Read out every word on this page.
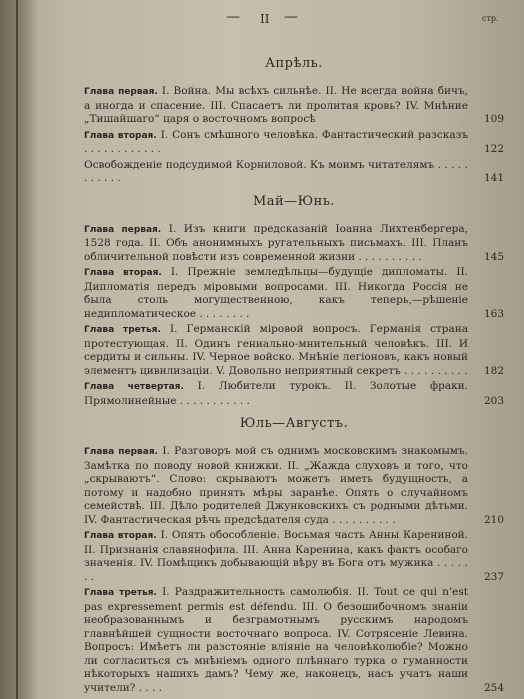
— II —	стр.
Апрѣль.
Глава первая. I. Война. Мы всѣхъ сильнѣе. II. Не всегда война бичъ, а иногда и спасение. III. Спасаетъ ли пролитая кровь? IV. Мнѣние „Тишайшаго“ царя о восточномъ вопросѣ	109
Глава вторая. I. Сонъ смѣшного человѣка. Фантастический разсказъ . . . . . . . . . . . .	122
Освобожденіе подсудимой Корниловой. Къ моимъ читателямъ . . . . . . . . . . .	141
Май—Юнь.
Глава первая. I. Изъ книги предсказаній Іоанна Лихтенбергера, 1528 года. II. Объ анонимныхъ ругательныхъ письмахъ. III. Планъ обличительной повѣсти изъ современной жизни . . . . . . . . . .	145
Глава вторая. I. Прежніе земледѣльцы—будущіе дипломаты. II. Дипломатія передъ міровыми вопросами. III. Никогда Россія не была столь могущественною, какъ теперь,—рѣшеніе недипломатическое . . . . . . . .	163
Глава третья. I. Германскій міровой вопросъ. Германія страна протестующая. II. Одинъ гениально-мнительный человѣкъ. III. И сердиты и сильны. IV. Черное войско. Мнѣніе легіоновъ, какъ новый элементъ цивилизаціи. V. Довольно неприятный секретъ . . . . . . . . . . 182
Глава четвертая. I. Любители турокъ. II. Золотые фраки. Прямолинейные . . . . . . . . . . .	203
Юль—Августъ.
Глава первая. I. Разговоръ мой съ однимъ московскимъ знакомымъ. Замѣтка по поводу новой книжки. II. „Жажда слуховъ и того, что „скрываютъ“. Слово: скрываютъ можетъ иметь будущность, а потому и надобно принять мѣры заранѣе. Опять о случайномъ семействѣ. III. Дѣло родителей Джунковскихъ съ родными дѣтьми. IV. Фантастическая рѣчь предсѣдателя суда . . . . . . . . . .	210
Глава вторая. I. Опять обособленіе. Восьмая часть Анны Карениной. II. Признанія славянофила. III. Анна Каренина, какъ фактъ особаго значенія. IV. Помѣщикъ добывающій вѣру въ Бога отъ мужика . . . . . . .	237
Глава третья. I. Раздражительность самолюбія. II. Tout ce qui n’est pas expressement permis est défendu. III. О безошибочномъ знаніи необразованнымъ и безграмотнымъ русскимъ народомъ главнѣйшей сущности восточнаго вопроса. IV. Сотрясеніе Левина. Вопросъ: Имѣетъ ли разстояніе вліяніе на человѣколюбіе? Можно ли согласиться съ мнѣніемъ одного плѣннаго турка о гуманности нѣкоторыхъ нашихъ дамъ? Чему же, наконецъ, насъ учатъ наши учители? . . . .	254
